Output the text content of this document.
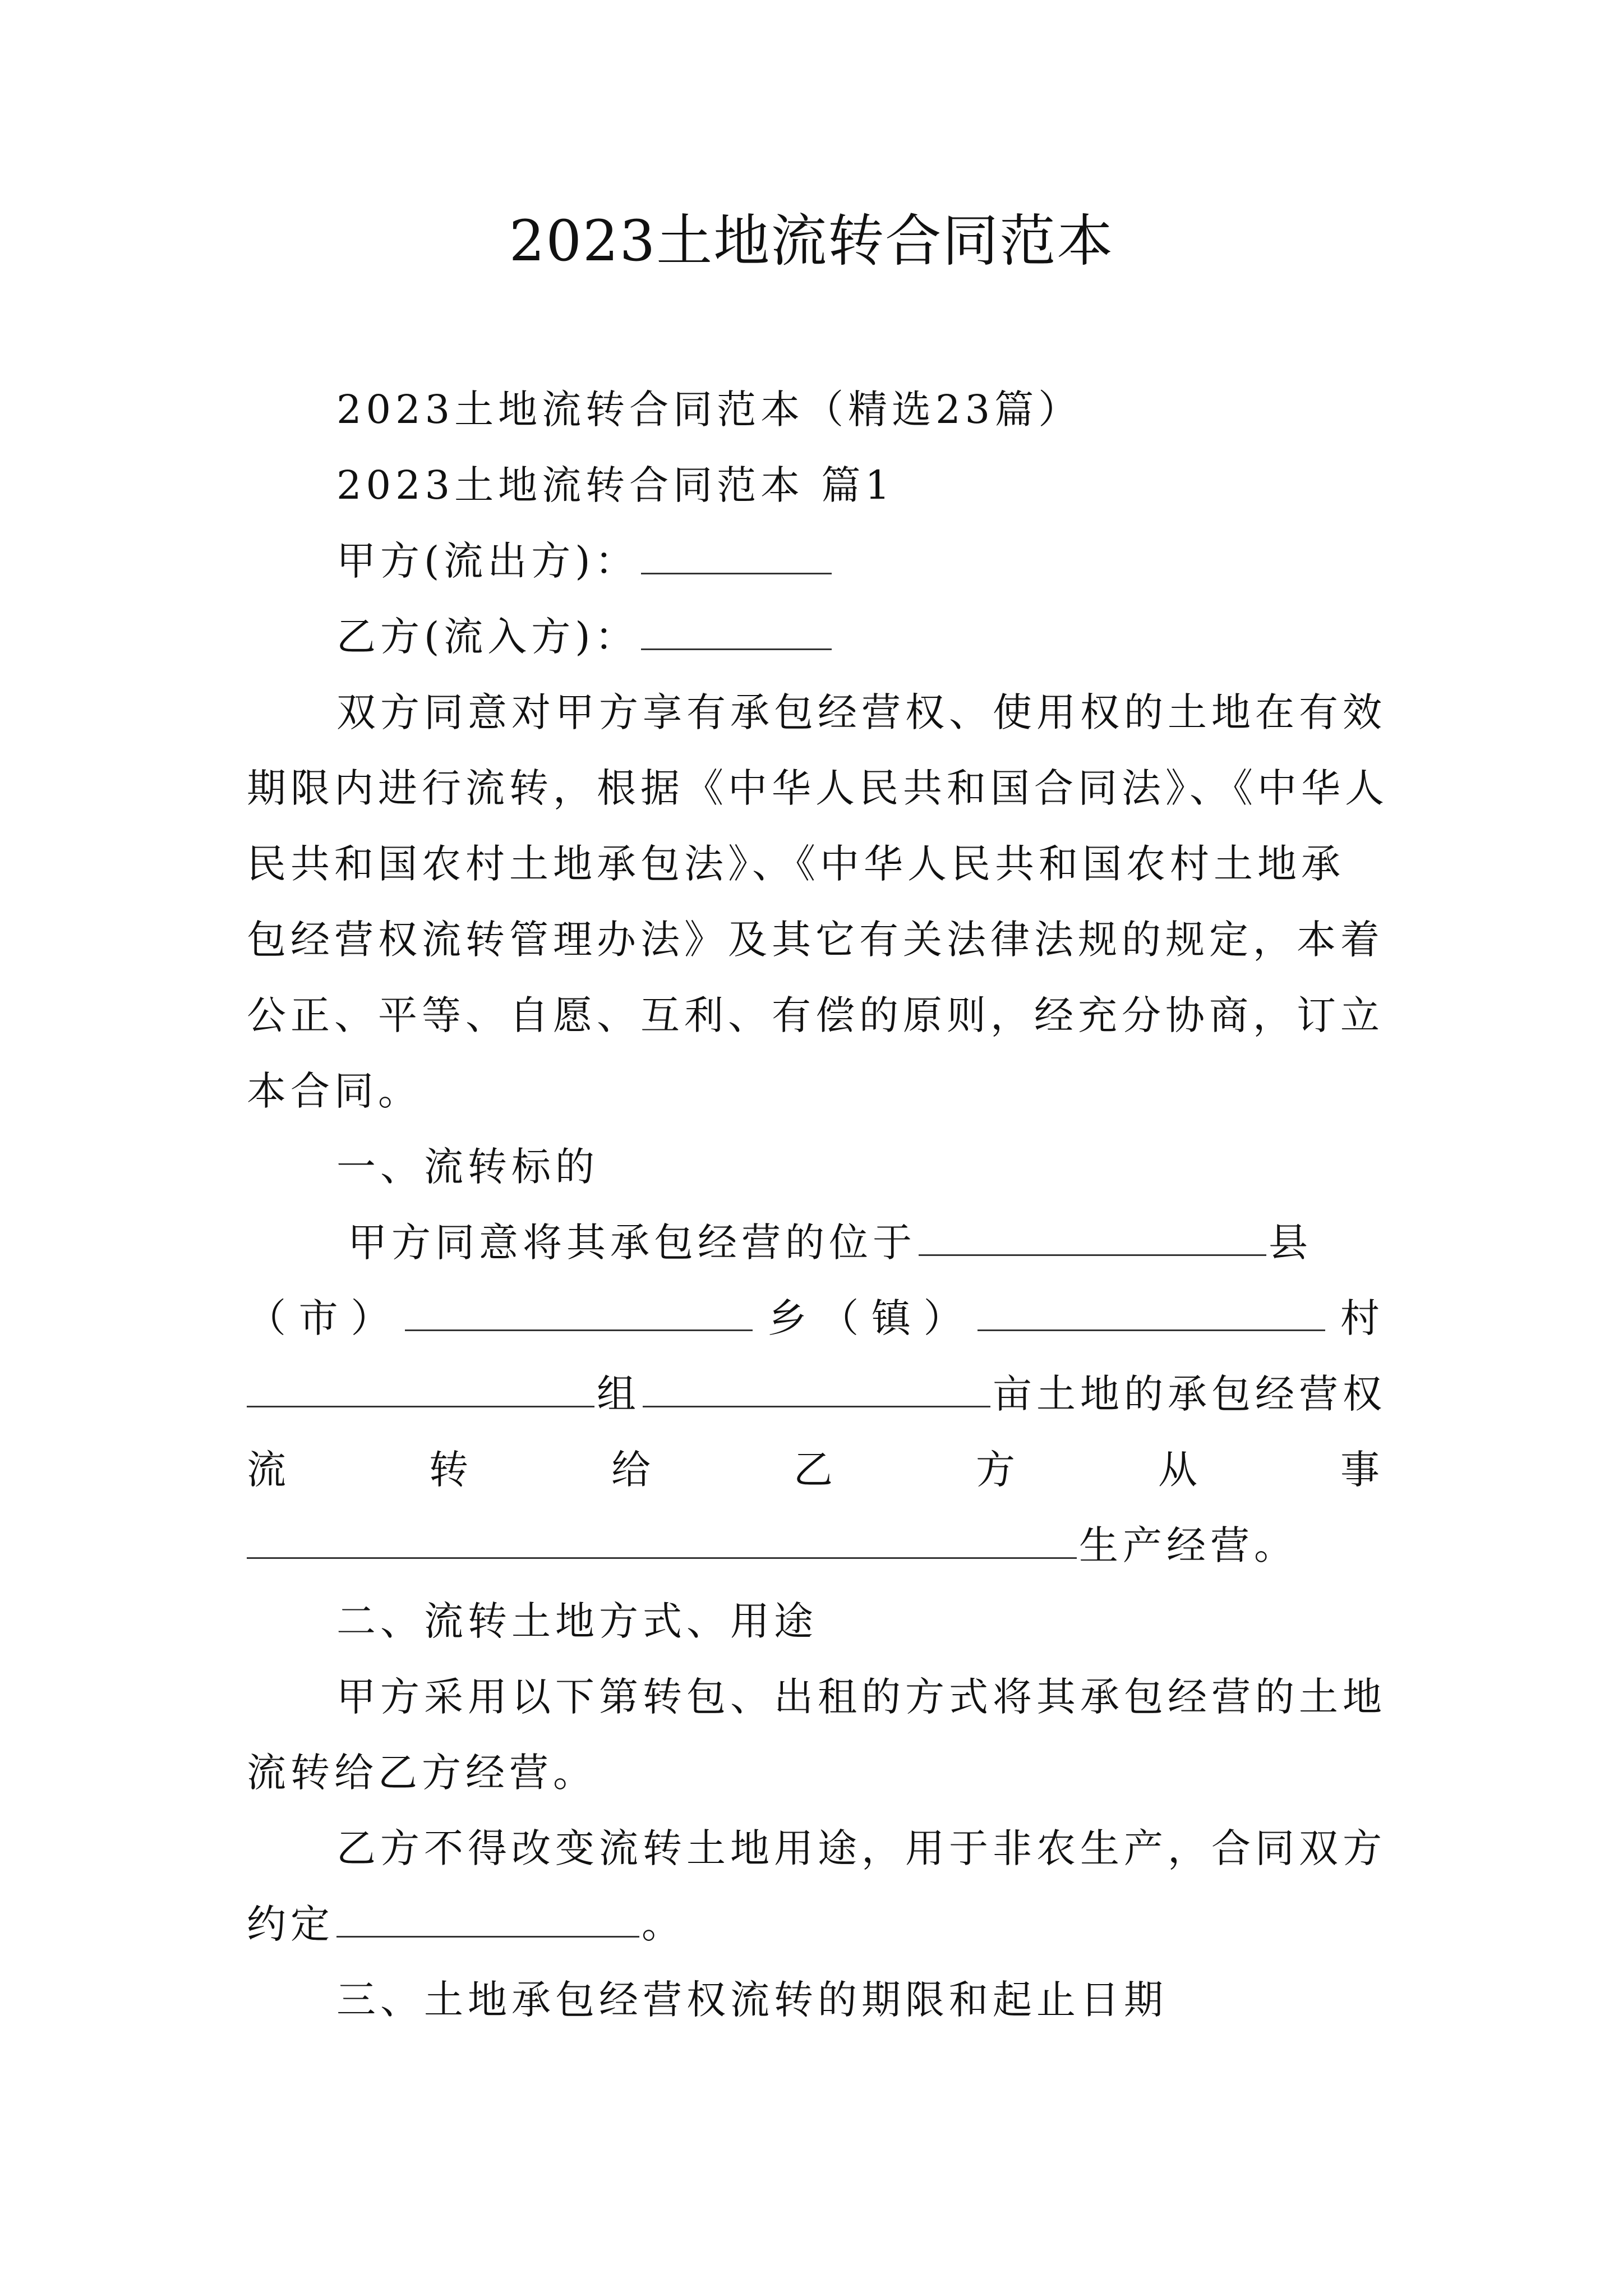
2023土地流转合同范本
2023土地流转合同范本（精选23篇）
2023土地流转合同范本 篇1
甲方(流出方)：
乙方(流入方)：
双方同意对甲方享有承包经营权、使用权的土地在有效
期限内进行流转，根据《中华人民共和国合同法》、《中华人
民共和国农村土地承包法》、《中华人民共和国农村土地承
包经营权流转管理办法》及其它有关法律法规的规定，本着
公正、平等、自愿、互利、有偿的原则，经充分协商，订立
本合同。
一、流转标的
甲方同意将其承包经营的位于	县
（ 市 ）	乡 （ 镇 ）	村
组	亩土地的承包经营权
流	转	给	乙	方	从	事
生产经营。
二、流转土地方式、用途
甲方采用以下第转包、出租的方式将其承包经营的土地
流转给乙方经营。
乙方不得改变流转土地用途，用于非农生产，合同双方
约定	。
三、土地承包经营权流转的期限和起止日期
